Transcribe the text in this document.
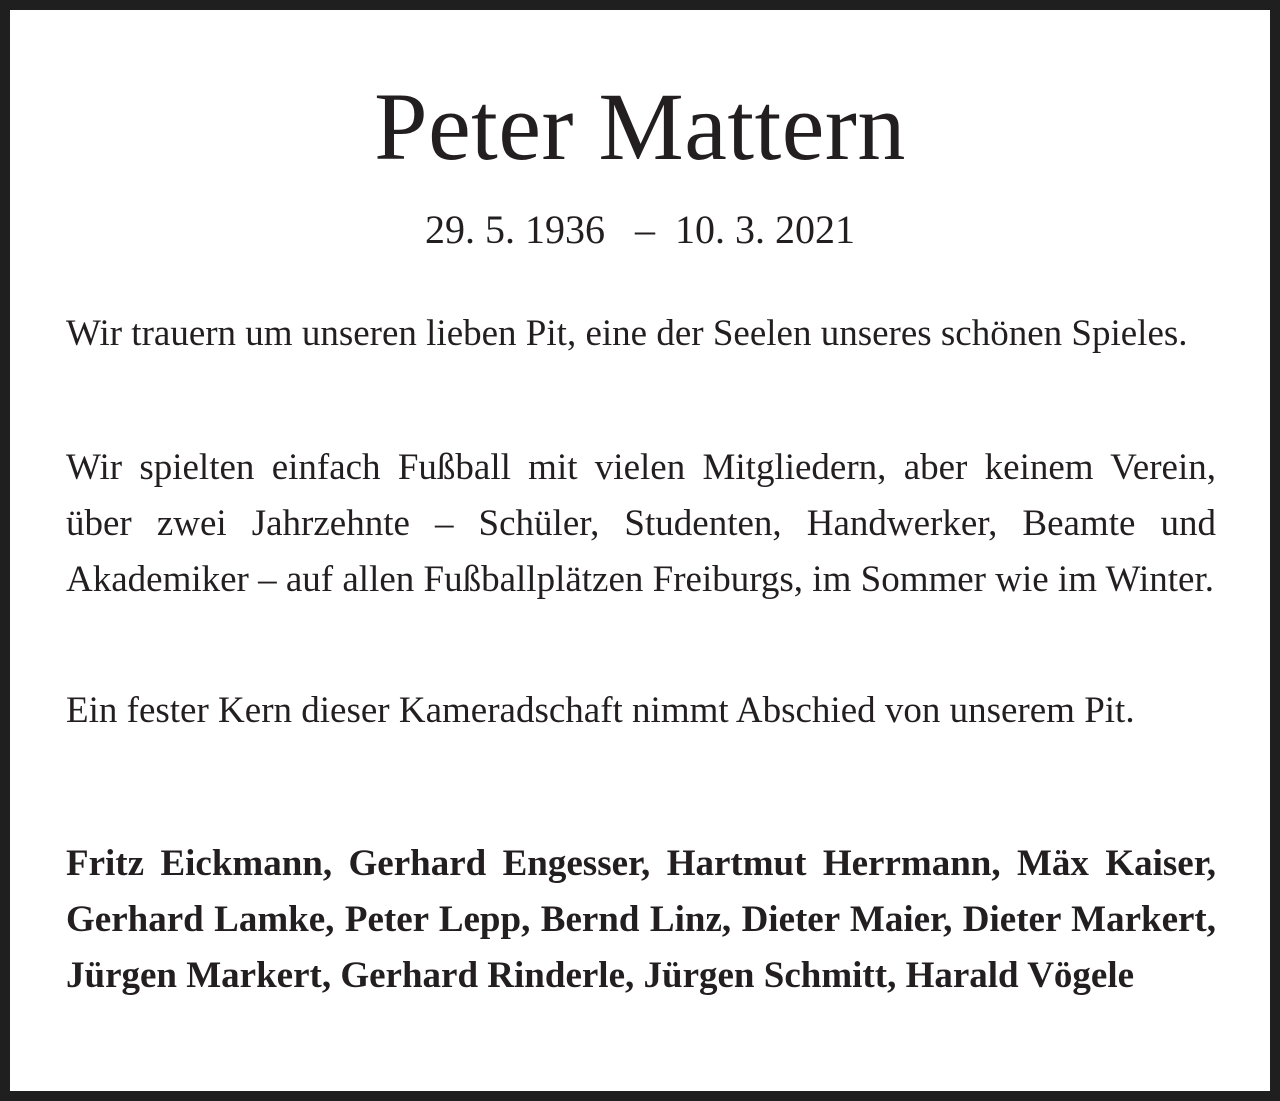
Peter Mattern
29. 5. 1936   –  10. 3. 2021

Wir trauern um unseren lieben Pit, eine der Seelen unseres schönen Spieles.

Wir spielten einfach Fußball mit vielen Mitgliedern, aber keinem Verein, über zwei Jahrzehnte – Schüler, Studenten, Handwerker, Beamte und Akademiker – auf allen Fußballplätzen Freiburgs, im Sommer wie im Winter.

Ein fester Kern dieser Kameradschaft nimmt Abschied von unserem Pit.

Fritz Eickmann, Gerhard Engesser, Hartmut Herrmann, Mäx Kaiser, Gerhard Lamke, Peter Lepp, Bernd Linz, Dieter Maier, Dieter Markert, Jürgen Markert, Gerhard Rinderle, Jürgen Schmitt, Harald Vögele
